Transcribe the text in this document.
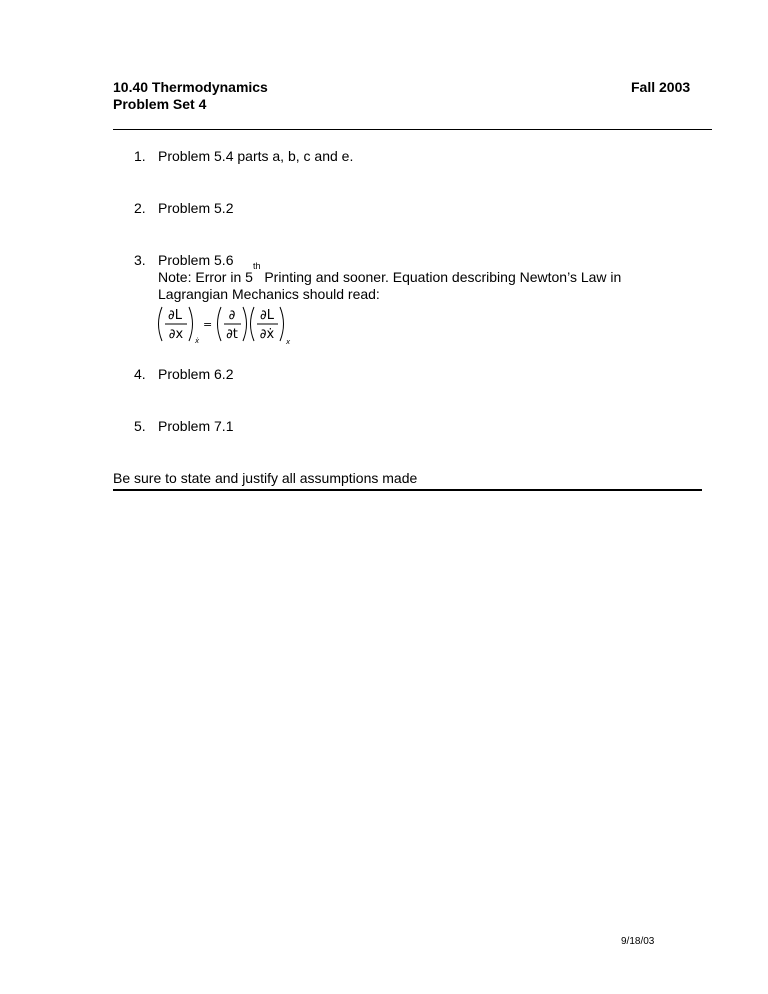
10.40 Thermodynamics
Problem Set 4
Fall 2003
1. Problem 5.4 parts a, b, c and e.
2. Problem 5.2
3. Problem 5.6
Note: Error in 5th Printing and sooner. Equation describing Newton’s Law in
Lagrangian Mechanics should read:
∂L
∂x ẋ
=
∂
∂t
∂L
∂ẋ x
4. Problem 6.2
5. Problem 7.1
Be sure to state and justify all assumptions made
9/18/03
